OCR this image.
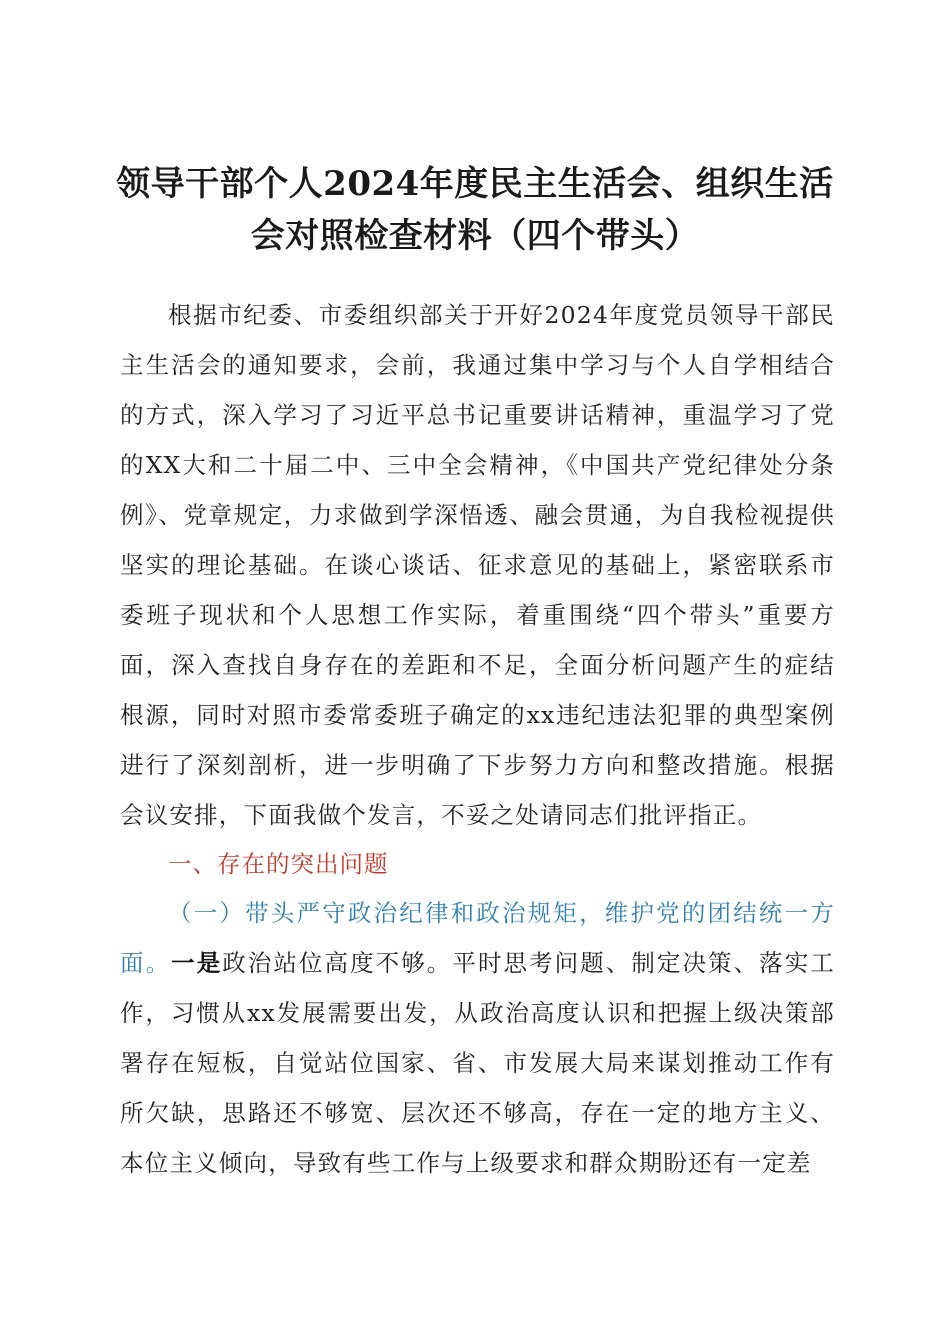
领导干部个人2024年度民主生活会、组织生活
会对照检查材料（四个带头）
根据市纪委、市委组织部关于开好2024年度党员领导干部民主生活会的通知要求，会前，我通过集中学习与个人自学相结合的方式，深入学习了习近平总书记重要讲话精神，重温学习了党的XX大和二十届二中、三中全会精神，《中国共产党纪律处分条例》、党章规定，力求做到学深悟透、融会贯通，为自我检视提供坚实的理论基础。在谈心谈话、征求意见的基础上，紧密联系市委班子现状和个人思想工作实际，着重围绕“四个带头”重要方面，深入查找自身存在的差距和不足，全面分析问题产生的症结根源，同时对照市委常委班子确定的xx违纪违法犯罪的典型案例进行了深刻剖析，进一步明确了下步努力方向和整改措施。根据会议安排，下面我做个发言，不妥之处请同志们批评指正。
一、存在的突出问题
（一）带头严守政治纪律和政治规矩，维护党的团结统一方面。一是政治站位高度不够。平时思考问题、制定决策、落实工作，习惯从xx发展需要出发，从政治高度认识和把握上级决策部署存在短板，自觉站位国家、省、市发展大局来谋划推动工作有所欠缺，思路还不够宽、层次还不够高，存在一定的地方主义、本位主义倾向，导致有些工作与上级要求和群众期盼还有一定差
